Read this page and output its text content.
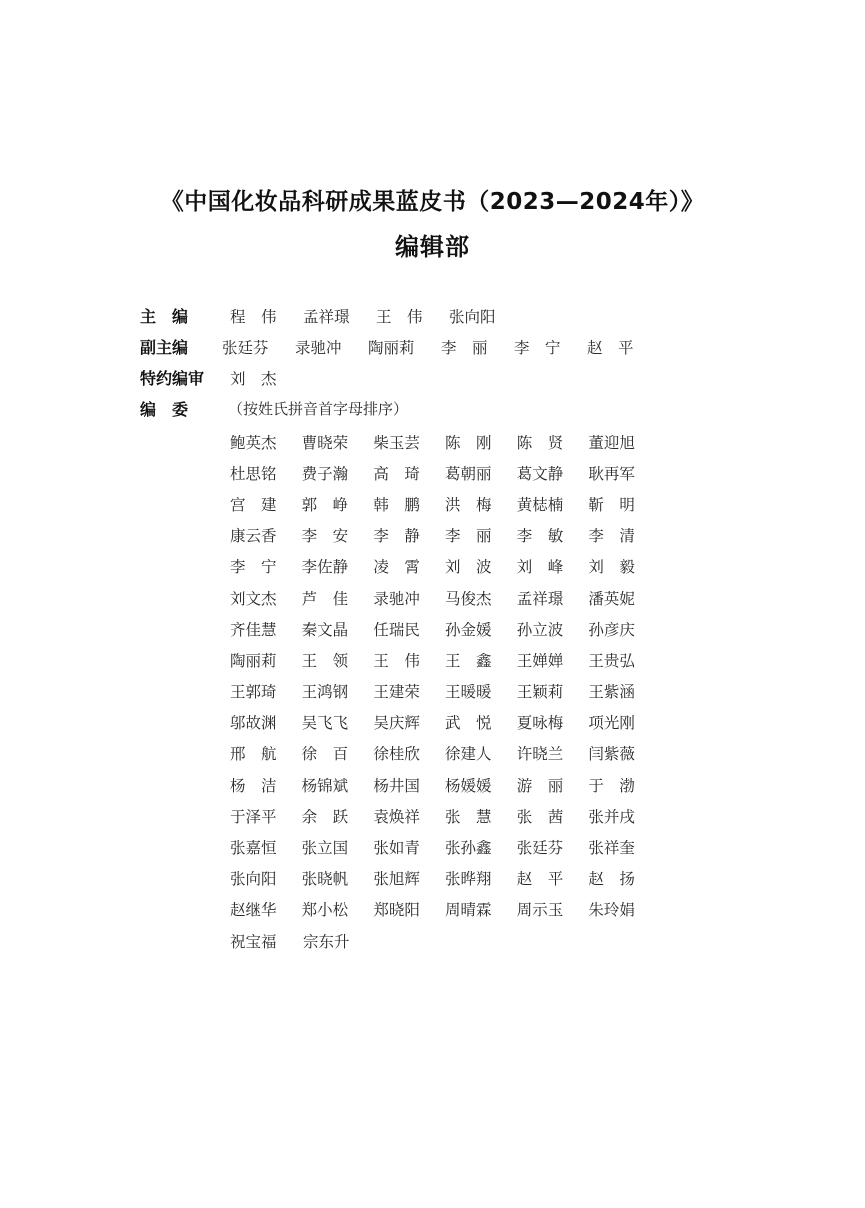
《中国化妆品科研成果蓝皮书（2023—2024年）》
编辑部
主　编	程　伟	孟祥璟	王　伟	张向阳
副主编	张廷芬	录驰冲	陶丽莉	李　丽	李　宁	赵　平
特约编审	刘　杰
编　委	（按姓氏拼音首字母排序）
鲍英杰	曹晓荣	柴玉芸	陈　刚	陈　贤	董迎旭
杜思铭	费子瀚	高　琦	葛朝丽	葛文静	耿再军
宫　建	郭　峥	韩　鹏	洪　梅	黄梽楠	靳　明
康云香	李　安	李　静	李　丽	李　敏	李　清
李　宁	李佐静	凌　霄	刘　波	刘　峰	刘　毅
刘文杰	芦　佳	录驰冲	马俊杰	孟祥璟	潘英妮
齐佳慧	秦文晶	任瑞民	孙金媛	孙立波	孙彦庆
陶丽莉	王　领	王　伟	王　鑫	王婵婵	王贵弘
王郭琦	王鸿钢	王建荣	王暖暖	王颖莉	王紫涵
邬故渊	吴飞飞	吴庆辉	武　悦	夏咏梅	项光刚
邢　航	徐　百	徐桂欣	徐建人	许晓兰	闫紫薇
杨　洁	杨锦斌	杨井国	杨媛媛	游　丽	于　渤
于泽平	余　跃	袁焕祥	张　慧	张　茜	张并戌
张嘉恒	张立国	张如青	张孙鑫	张廷芬	张祥奎
张向阳	张晓帆	张旭辉	张晔翔	赵　平	赵　扬
赵继华	郑小松	郑晓阳	周晴霖	周示玉	朱玲娟
祝宝福	宗东升
